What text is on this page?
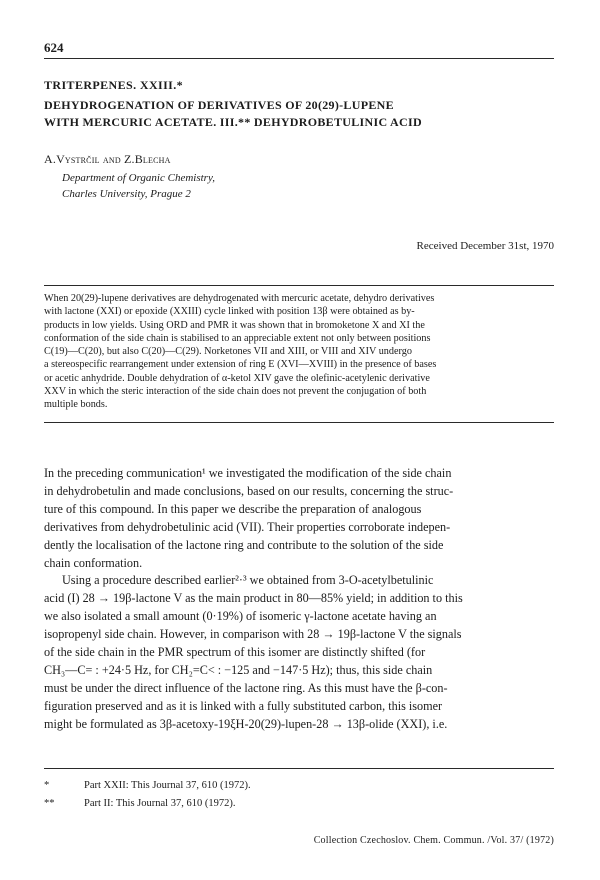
624
TRITERPENES. XXIII.*
DEHYDROGENATION OF DERIVATIVES OF 20(29)-LUPENE
WITH MERCURIC ACETATE. III.** DEHYDROBETULINIC ACID
A.Vystrčil and Z.Blecha
Department of Organic Chemistry,
Charles University, Prague 2
Received December 31st, 1970
When 20(29)-lupene derivatives are dehydrogenated with mercuric acetate, dehydro derivatives
with lactone (XXI) or epoxide (XXIII) cycle linked with position 13β were obtained as by-
products in low yields. Using ORD and PMR it was shown that in bromoketone X and XI the
conformation of the side chain is stabilised to an appreciable extent not only between positions
C(19)—C(20), but also C(20)—C(29). Norketones VII and XIII, or VIII and XIV undergo
a stereospecific rearrangement under extension of ring E (XVI—XVIII) in the presence of bases
or acetic anhydride. Double dehydration of α-ketol XIV gave the olefinic-acetylenic derivative
XXV in which the steric interaction of the side chain does not prevent the conjugation of both
multiple bonds.
In the preceding communication¹ we investigated the modification of the side chain
in dehydrobetulin and made conclusions, based on our results, concerning the struc-
ture of this compound. In this paper we describe the preparation of analogous
derivatives from dehydrobetulinic acid (VII). Their properties corroborate indepen-
dently the localisation of the lactone ring and contribute to the solution of the side
chain conformation.
Using a procedure described earlier²·³ we obtained from 3-O-acetylbetulinic
acid (I) 28 → 19β-lactone V as the main product in 80—85% yield; in addition to this
we also isolated a small amount (0·19%) of isomeric γ-lactone acetate having an
isopropenyl side chain. However, in comparison with 28 → 19β-lactone V the signals
of the side chain in the PMR spectrum of this isomer are distinctly shifted (for
CH₃—C= : +24·5 Hz, for CH₂=C< : −125 and −147·5 Hz); thus, this side chain
must be under the direct influence of the lactone ring. As this must have the β-con-
figuration preserved and as it is linked with a fully substituted carbon, this isomer
might be formulated as 3β-acetoxy-19ξH-20(29)-lupen-28 → 13β-olide (XXI), i.e.
*	Part XXII: This Journal 37, 610 (1972).
**	Part II: This Journal 37, 610 (1972).
Collection Czechoslov. Chem. Commun. /Vol. 37/ (1972)
